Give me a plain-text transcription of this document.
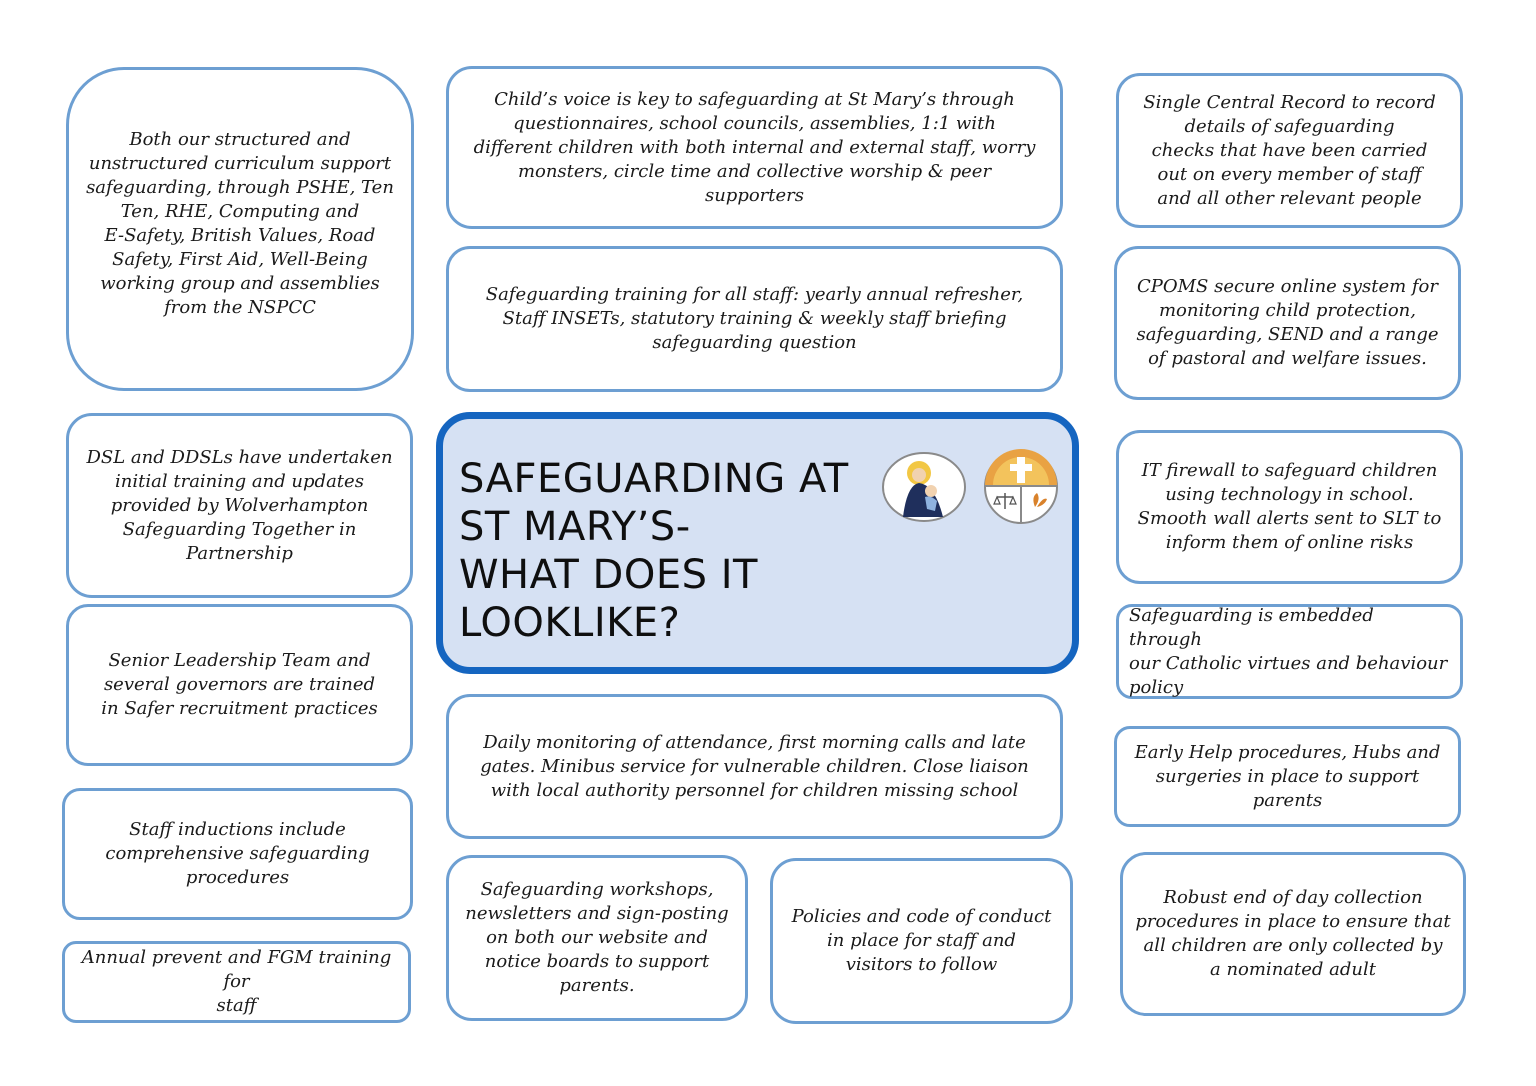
Both our structured and
unstructured curriculum support
safeguarding, through PSHE, Ten
Ten, RHE, Computing and
E-Safety, British Values, Road
Safety, First Aid, Well-Being
working group and assemblies
from the NSPCC
DSL and DDSLs have undertaken
initial training and updates
provided by Wolverhampton
Safeguarding Together in
Partnership
Senior Leadership Team and
several governors are trained
in Safer recruitment practices
Staff inductions include
comprehensive safeguarding
procedures
Annual prevent and FGM training for
staff
Child’s voice is key to safeguarding at St Mary’s through
questionnaires, school councils, assemblies, 1:1 with
different children with both internal and external staff, worry
monsters, circle time and collective worship & peer
supporters
Safeguarding training for all staff: yearly annual refresher,
Staff INSETs, statutory training & weekly staff briefing
safeguarding question
SAFEGUARDING AT
ST MARY’S-
WHAT DOES IT LOOKLIKE?
Daily monitoring of attendance, first morning calls and late
gates. Minibus service for vulnerable children. Close liaison
with local authority personnel for children missing school
Safeguarding workshops,
newsletters and sign-posting
on both our website and
notice boards to support
parents.
Policies and code of conduct
in place for staff and
visitors to follow
Single Central Record to record
details of safeguarding
checks that have been carried
out on every member of staff
and all other relevant people
CPOMS secure online system for
monitoring child protection,
safeguarding, SEND and a range
of pastoral and welfare issues.
IT firewall to safeguard children
using technology in school.
Smooth wall alerts sent to SLT to
inform them of online risks
Safeguarding is embedded through
our Catholic virtues and behaviour
policy
Early Help procedures, Hubs and
surgeries in place to support parents
Robust end of day collection
procedures in place to ensure that
all children are only collected by
a nominated adult
